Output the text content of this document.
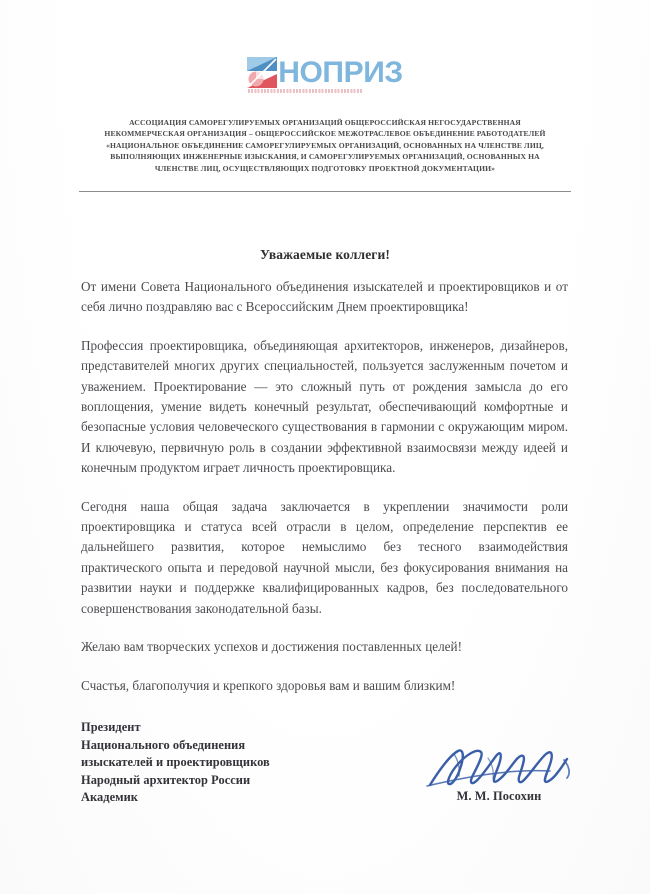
НОПРИЗ
АССОЦИАЦИЯ САМОРЕГУЛИРУЕМЫХ ОРГАНИЗАЦИЙ ОБЩЕРОССИЙСКАЯ НЕГОСУДАРСТВЕННАЯ
НЕКОММЕРЧЕСКАЯ ОРГАНИЗАЦИЯ – ОБЩЕРОССИЙСКОЕ МЕЖОТРАСЛЕВОЕ ОБЪЕДИНЕНИЕ РАБОТОДАТЕЛЕЙ
«НАЦИОНАЛЬНОЕ ОБЪЕДИНЕНИЕ САМОРЕГУЛИРУЕМЫХ ОРГАНИЗАЦИЙ, ОСНОВАННЫХ НА ЧЛЕНСТВЕ ЛИЦ,
ВЫПОЛНЯЮЩИХ ИНЖЕНЕРНЫЕ ИЗЫСКАНИЯ, И САМОРЕГУЛИРУЕМЫХ ОРГАНИЗАЦИЙ, ОСНОВАННЫХ НА
ЧЛЕНСТВЕ ЛИЦ, ОСУЩЕСТВЛЯЮЩИХ ПОДГОТОВКУ ПРОЕКТНОЙ ДОКУМЕНТАЦИИ»
Уважаемые коллеги!

От имени Совета Национального объединения изыскателей и проектировщиков и от себя лично поздравляю вас с Всероссийским Днем проектировщика!

Профессия проектировщика, объединяющая архитекторов, инженеров, дизайнеров, представителей многих других специальностей, пользуется заслуженным почетом и уважением. Проектирование — это сложный путь от рождения замысла до его воплощения, умение видеть конечный результат, обеспечивающий комфортные и безопасные условия человеческого существования в гармонии с окружающим миром. И ключевую, первичную роль в создании эффективной взаимосвязи между идеей и конечным продуктом играет личность проектировщика.

Сегодня наша общая задача заключается в укреплении значимости роли проектировщика и статуса всей отрасли в целом, определение перспектив ее дальнейшего развития, которое немыслимо без тесного взаимодействия практического опыта и передовой научной мысли, без фокусирования внимания на развитии науки и поддержке квалифицированных кадров, без последовательного совершенствования законодательной базы.

Желаю вам творческих успехов и достижения поставленных целей!

Счастья, благополучия и крепкого здоровья вам и вашим близким!

Президент
Национального объединения
изыскателей и проектировщиков
Народный архитектор России
Академик	М. М. Посохин
